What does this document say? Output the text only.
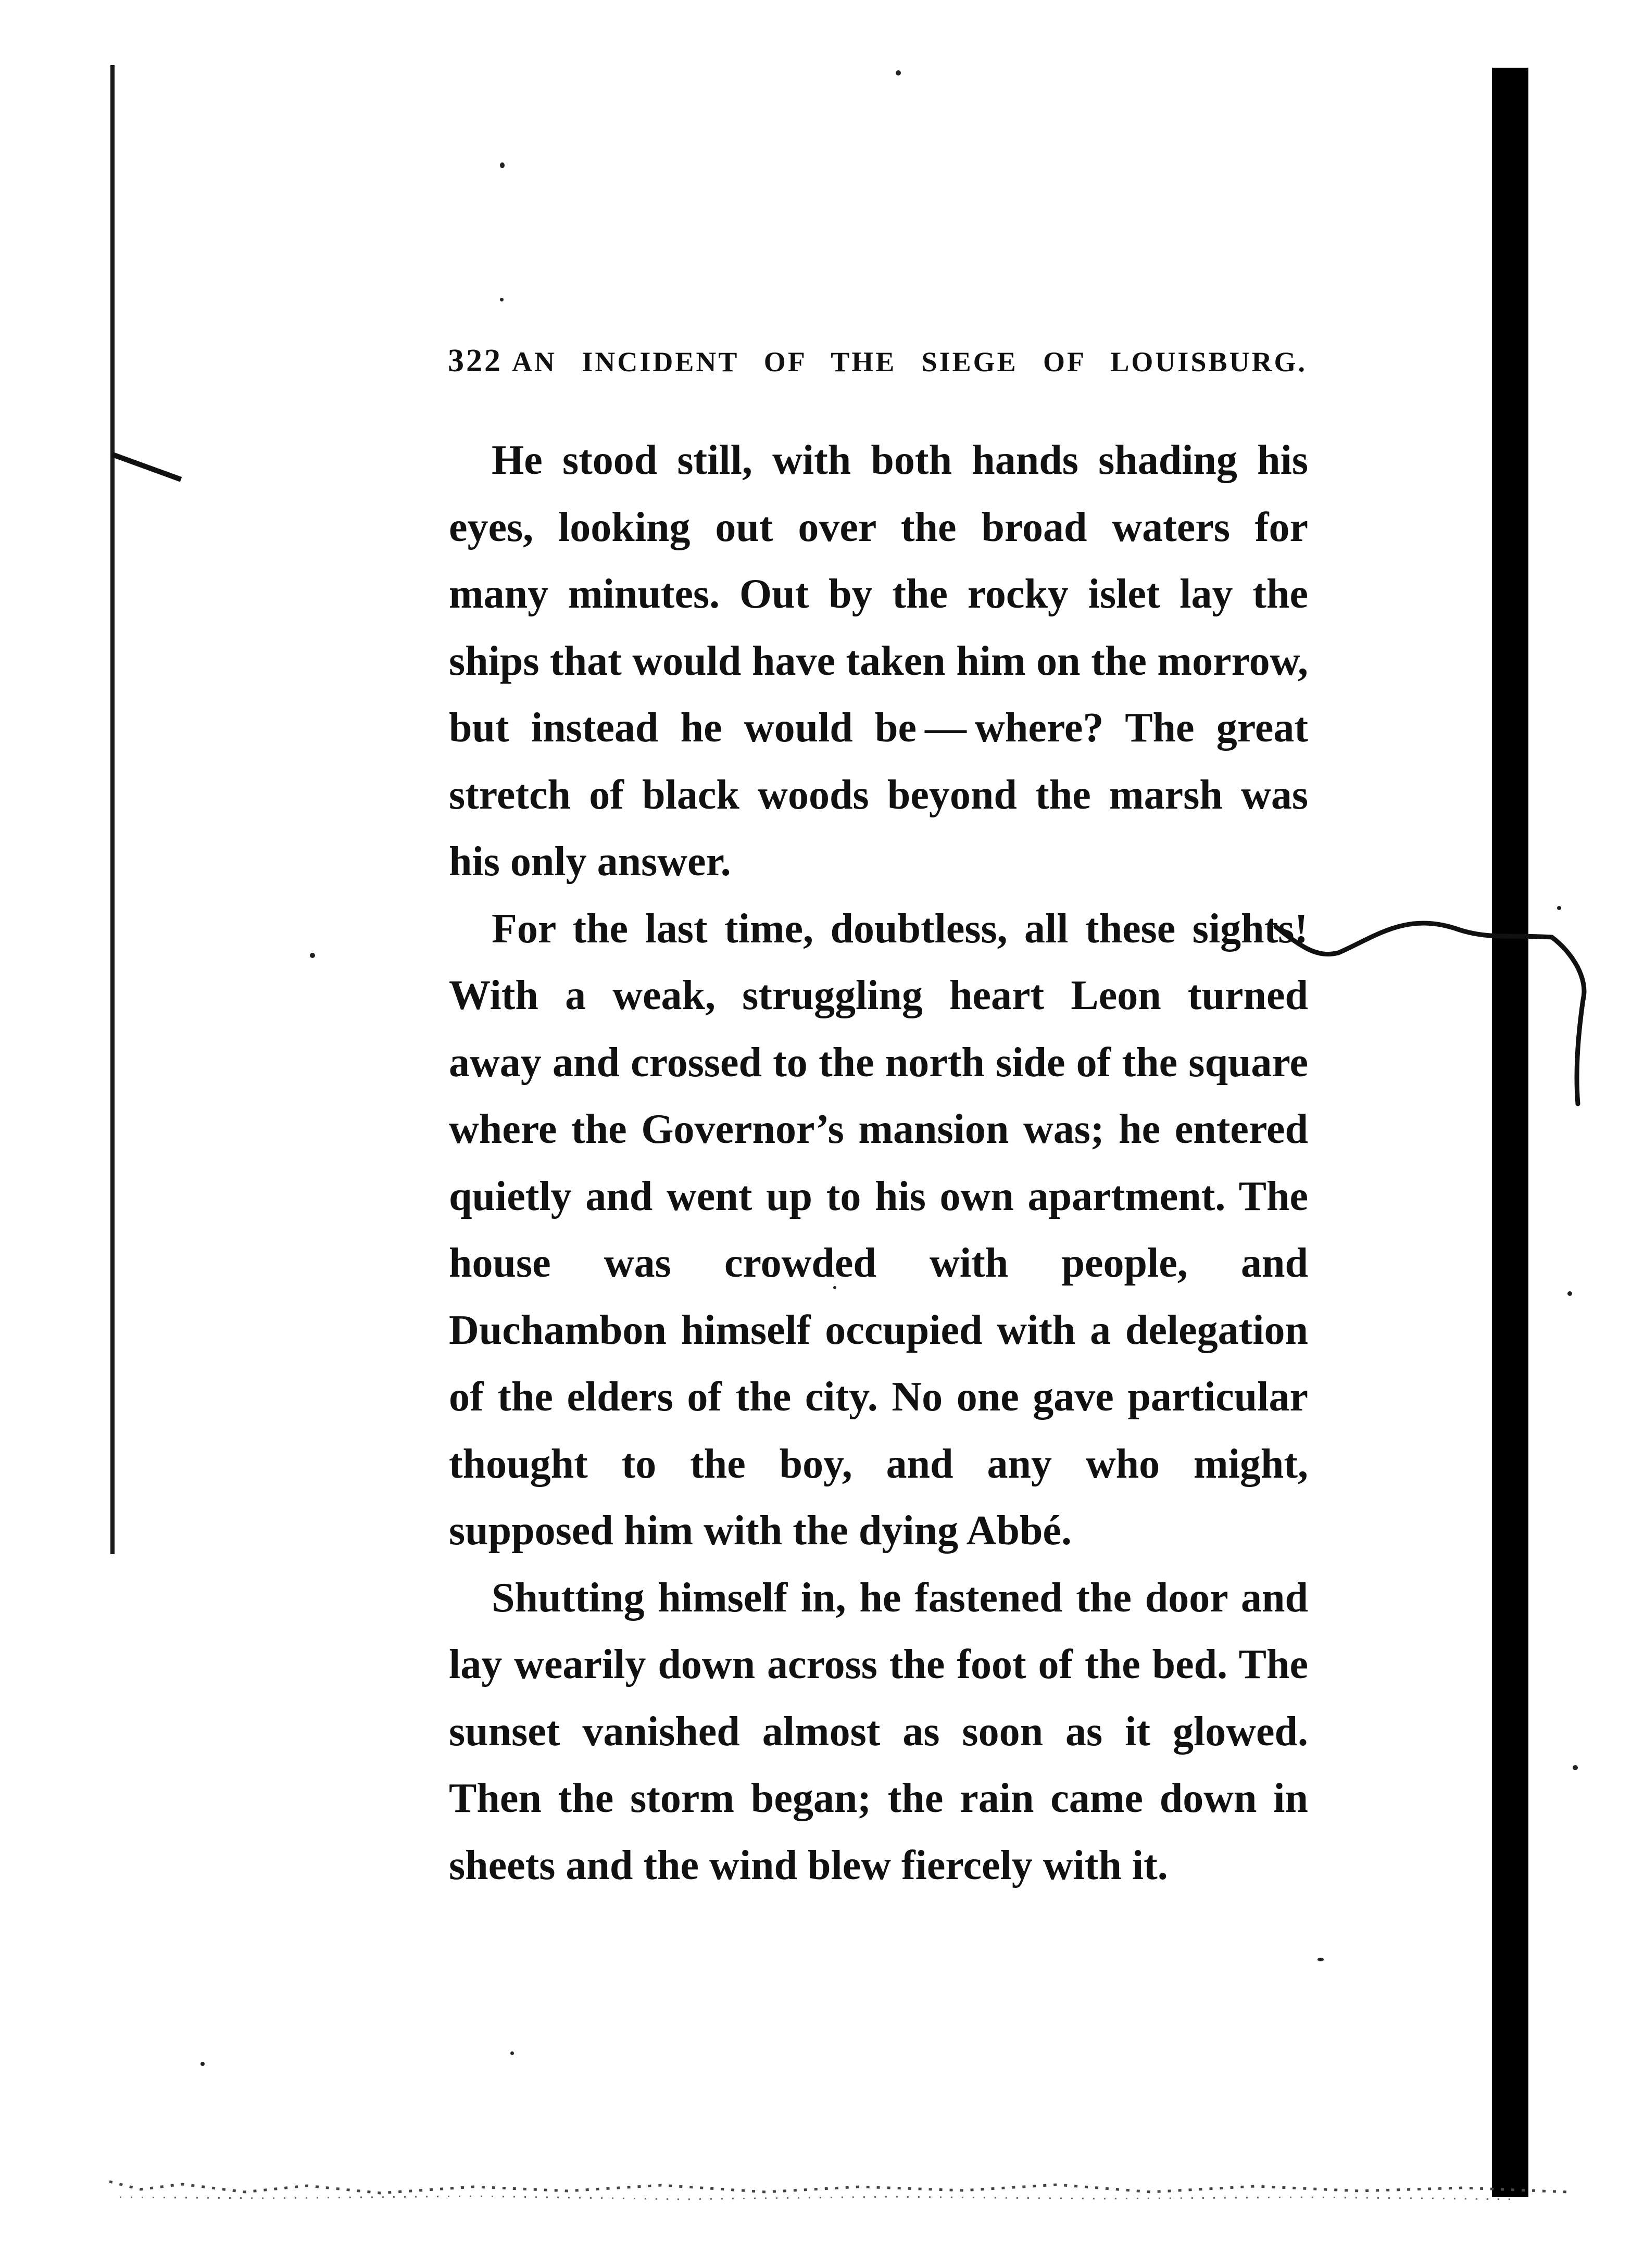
322 AN INCIDENT OF THE SIEGE OF LOUISBURG.

He stood still, with both hands shading his eyes, looking out over the broad waters for many minutes. Out by the rocky islet lay the ships that would have taken him on the morrow, but instead he would be — where? The great stretch of black woods beyond the marsh was his only answer.

For the last time, doubtless, all these sights! With a weak, struggling heart Leon turned away and crossed to the north side of the square where the Governor’s mansion was; he entered quietly and went up to his own apartment. The house was crowded with people, and Duchambon himself occupied with a delegation of the elders of the city. No one gave particular thought to the boy, and any who might, supposed him with the dying Abbé.

Shutting himself in, he fastened the door and lay wearily down across the foot of the bed. The sunset vanished almost as soon as it glowed. Then the storm began; the rain came down in sheets and the wind blew fiercely with it.
